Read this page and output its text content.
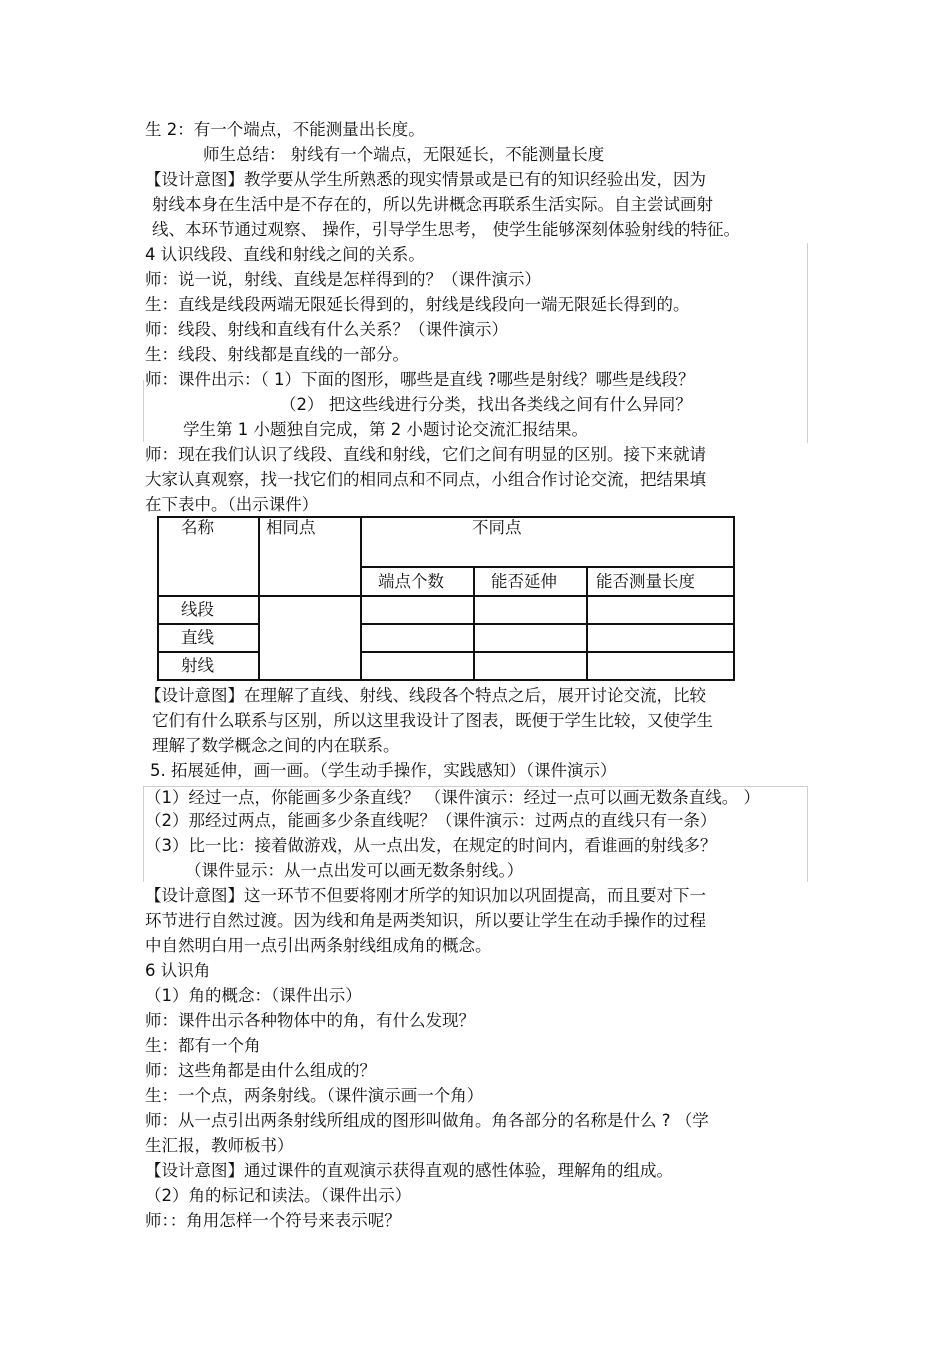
生 2：有一个端点，不能测量出长度。
师生总结： 射线有一个端点，无限延长，不能测量长度
【设计意图】教学要从学生所熟悉的现实情景或是已有的知识经验出发，因为
射线本身在生活中是不存在的，所以先讲概念再联系生活实际。自主尝试画射
线、本环节通过观察、 操作，引导学生思考， 使学生能够深刻体验射线的特征。
4 认识线段、直线和射线之间的关系。
师：说一说，射线、直线是怎样得到的？（课件演示）
生：直线是线段两端无限延长得到的，射线是线段向一端无限延长得到的。
师：线段、射线和直线有什么关系？（课件演示）
生：线段、射线都是直线的一部分。
师：课件出示：（ 1）下面的图形，哪些是直线 ?哪些是射线？哪些是线段？
（2） 把这些线进行分类，找出各类线之间有什么异同？
学生第 1 小题独自完成，第 2 小题讨论交流汇报结果。
师：现在我们认识了线段、直线和射线，它们之间有明显的区别。接下来就请
大家认真观察，找一找它们的相同点和不同点，小组合作讨论交流，把结果填
在下表中。（出示课件）
名称	相同点	不同点		
		端点个数	能否延伸	能否测量长度
线段				
直线				
射线				
【设计意图】在理解了直线、射线、线段各个特点之后，展开讨论交流，比较
它们有什么联系与区别，所以这里我设计了图表，既便于学生比较，又使学生
理解了数学概念之间的内在联系。
5. 拓展延伸，画一画。（学生动手操作，实践感知）（课件演示）
（1）经过一点，你能画多少条直线？ （课件演示：经过一点可以画无数条直线。 ）
（2）那经过两点，能画多少条直线呢？（课件演示：过两点的直线只有一条）
（3）比一比：接着做游戏，从一点出发，在规定的时间内，看谁画的射线多？
（课件显示：从一点出发可以画无数条射线。）
【设计意图】这一环节不但要将刚才所学的知识加以巩固提高，而且要对下一
环节进行自然过渡。因为线和角是两类知识，所以要让学生在动手操作的过程
中自然明白用一点引出两条射线组成角的概念。
6 认识角
（1）角的概念：（课件出示）
师：课件出示各种物体中的角，有什么发现？
生：都有一个角
师：这些角都是由什么组成的？
生：一个点，两条射线。（课件演示画一个角）
师：从一点引出两条射线所组成的图形叫做角。角各部分的名称是什么 ? （学
生汇报，教师板书）
【设计意图】通过课件的直观演示获得直观的感性体验，理解角的组成。
（2）角的标记和读法。（课件出示）
师：：角用怎样一个符号来表示呢？
